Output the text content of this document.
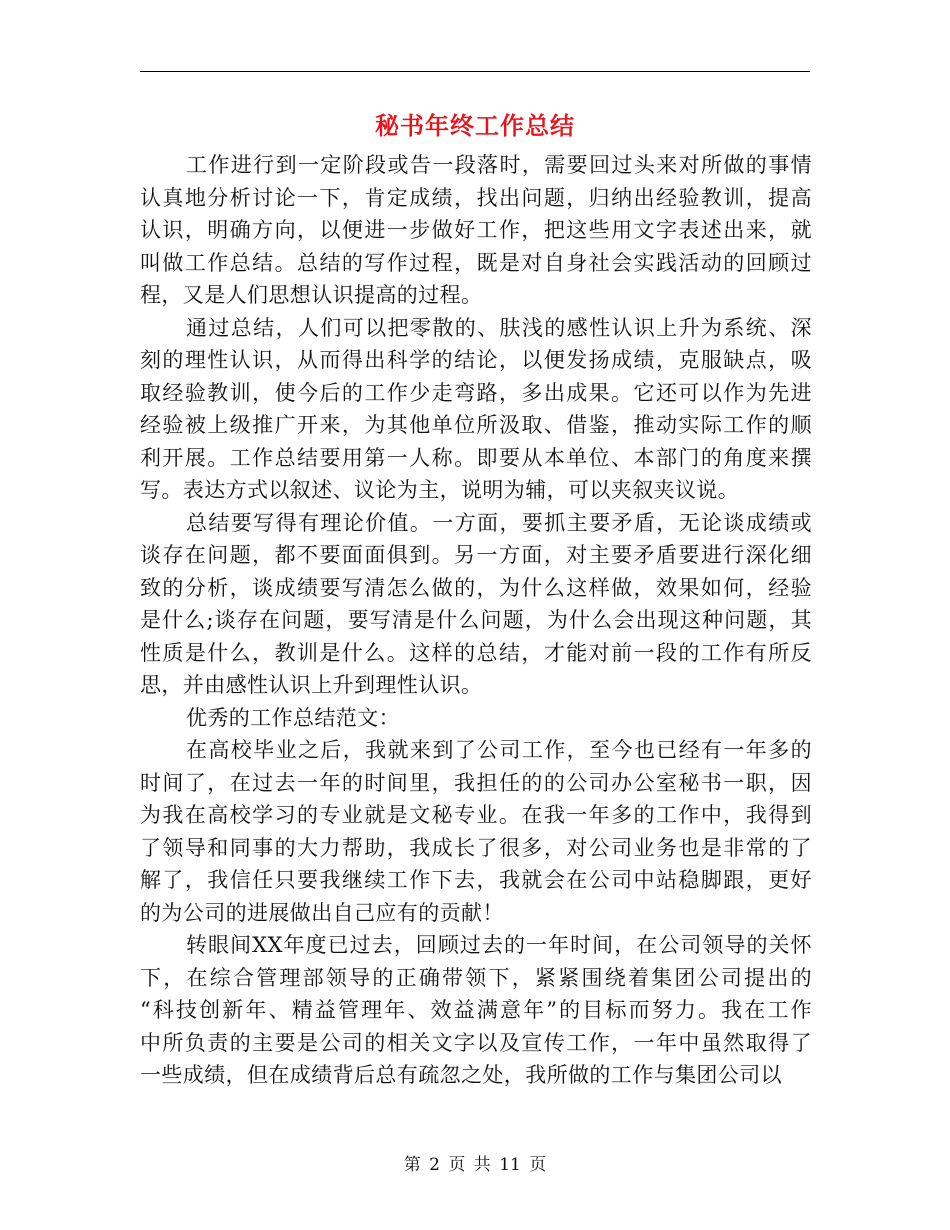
秘书年终工作总结

工作进行到一定阶段或告一段落时，需要回过头来对所做的事情
认真地分析讨论一下，肯定成绩，找出问题，归纳出经验教训，提高
认识，明确方向，以便进一步做好工作，把这些用文字表述出来，就
叫做工作总结。总结的写作过程，既是对自身社会实践活动的回顾过
程，又是人们思想认识提高的过程。

通过总结，人们可以把零散的、肤浅的感性认识上升为系统、深
刻的理性认识，从而得出科学的结论，以便发扬成绩，克服缺点，吸
取经验教训，使今后的工作少走弯路，多出成果。它还可以作为先进
经验被上级推广开来，为其他单位所汲取、借鉴，推动实际工作的顺
利开展。工作总结要用第一人称。即要从本单位、本部门的角度来撰
写。表达方式以叙述、议论为主，说明为辅，可以夹叙夹议说。

总结要写得有理论价值。一方面，要抓主要矛盾，无论谈成绩或
谈存在问题，都不要面面俱到。另一方面，对主要矛盾要进行深化细
致的分析，谈成绩要写清怎么做的，为什么这样做，效果如何，经验
是什么;谈存在问题，要写清是什么问题，为什么会出现这种问题，其
性质是什么，教训是什么。这样的总结，才能对前一段的工作有所反
思，并由感性认识上升到理性认识。

优秀的工作总结范文：

在高校毕业之后，我就来到了公司工作，至今也已经有一年多的
时间了，在过去一年的时间里，我担任的的公司办公室秘书一职，因
为我在高校学习的专业就是文秘专业。在我一年多的工作中，我得到
了领导和同事的大力帮助，我成长了很多，对公司业务也是非常的了
解了，我信任只要我继续工作下去，我就会在公司中站稳脚跟，更好
的为公司的进展做出自己应有的贡献！

转眼间XX年度已过去，回顾过去的一年时间，在公司领导的关怀
下，在综合管理部领导的正确带领下，紧紧围绕着集团公司提出的
“科技创新年、精益管理年、效益满意年”的目标而努力。我在工作
中所负责的主要是公司的相关文字以及宣传工作，一年中虽然取得了
一些成绩，但在成绩背后总有疏忽之处，我所做的工作与集团公司以

第 2 页 共 11 页
